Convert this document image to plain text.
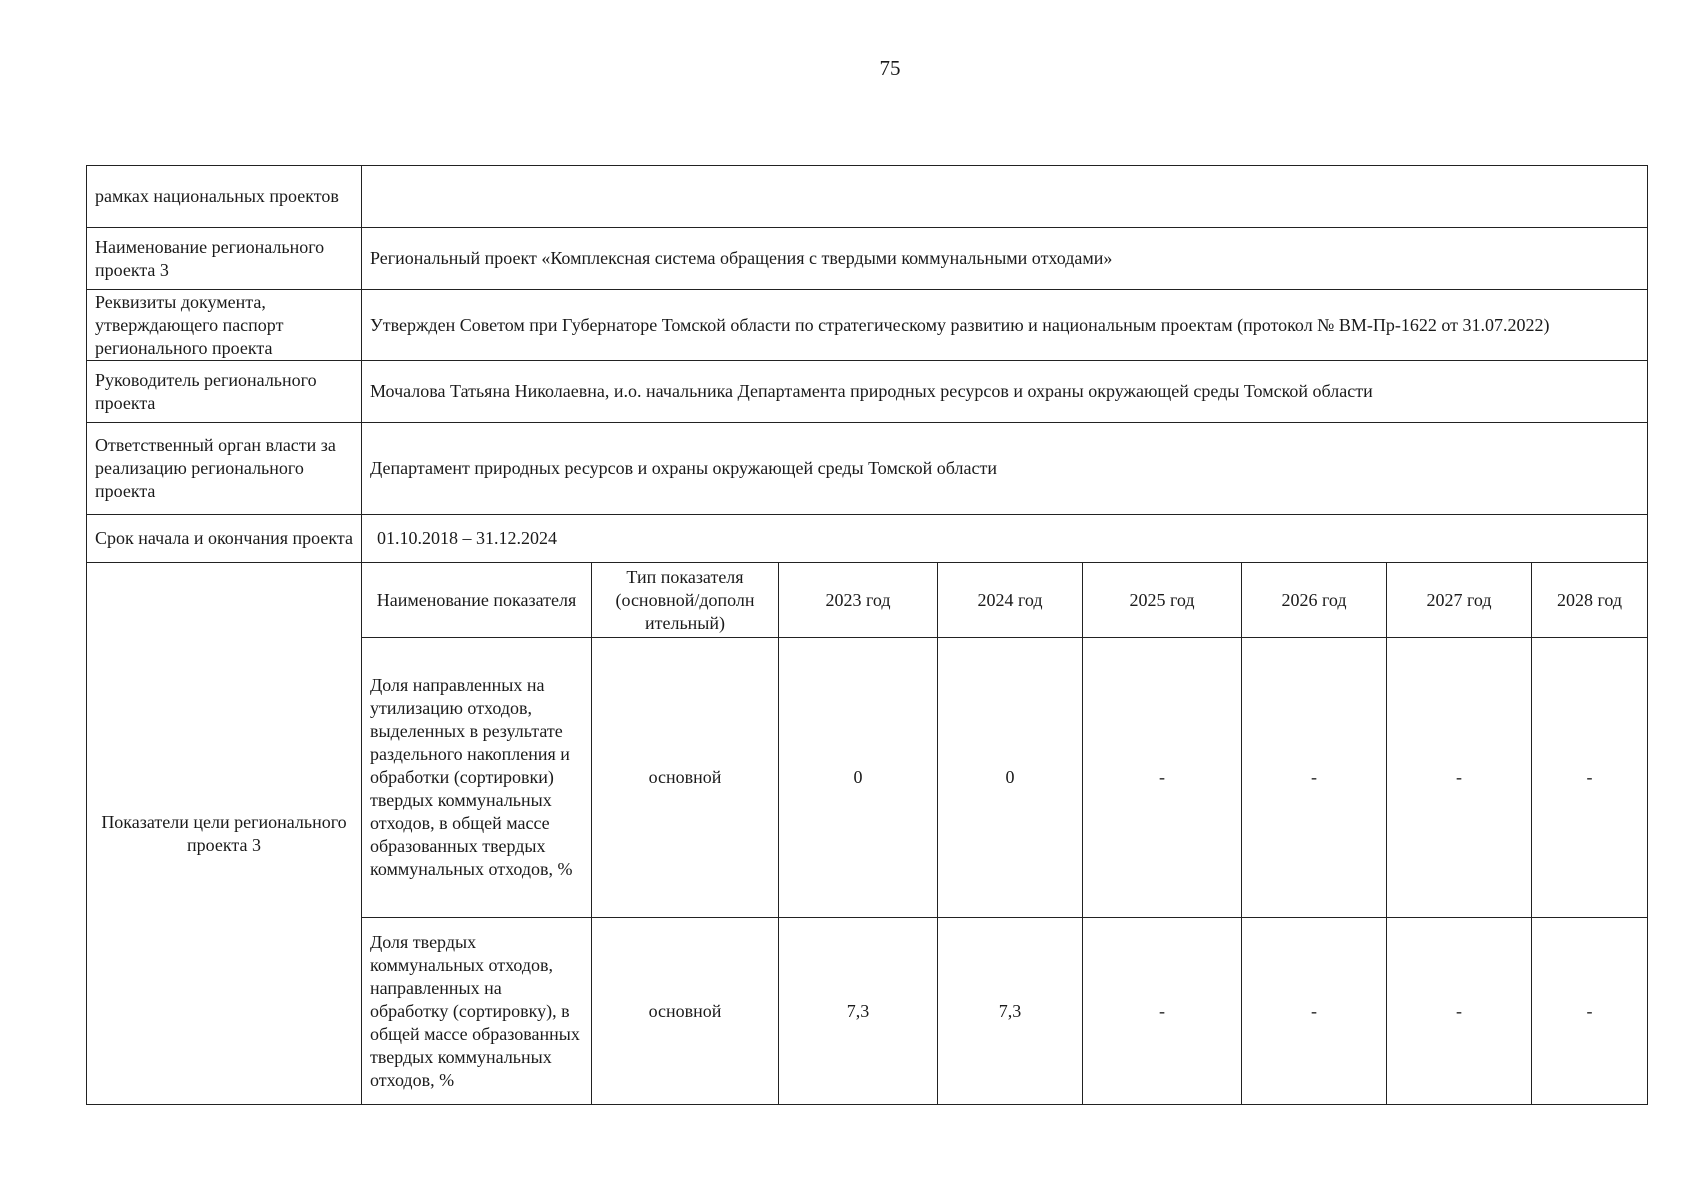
75
рамках национальных проектов								
Наименование регионального проекта 3	Региональный проект «Комплексная система обращения с твердыми коммунальными отходами»							
Реквизиты документа, утверждающего паспорт регионального проекта	Утвержден Советом при Губернаторе Томской области по стратегическому развитию и национальным проектам (протокол № ВМ-Пр-1622 от 31.07.2022)							
Руководитель регионального проекта	Мочалова Татьяна Николаевна, и.о. начальника Департамента природных ресурсов и охраны окружающей среды Томской области							
Ответственный орган власти за реализацию регионального проекта	Департамент природных ресурсов и охраны окружающей среды Томской области							
Срок начала и окончания проекта	01.10.2018 – 31.12.2024							
Показатели цели регионального проекта 3	Наименование показателя	Тип показателя (основной/дополн ительный)	2023 год	2024 год	2025 год	2026 год	2027 год	2028 год
	Доля направленных на утилизацию отходов, выделенных в результате раздельного накопления и обработки (сортировки) твердых коммунальных отходов, в общей массе образованных твердых коммунальных отходов, %	основной	0	0	-	-	-	-
	Доля твердых коммунальных отходов, направленных на обработку (сортировку), в общей массе образованных твердых коммунальных отходов, %	основной	7,3	7,3	-	-	-	-
